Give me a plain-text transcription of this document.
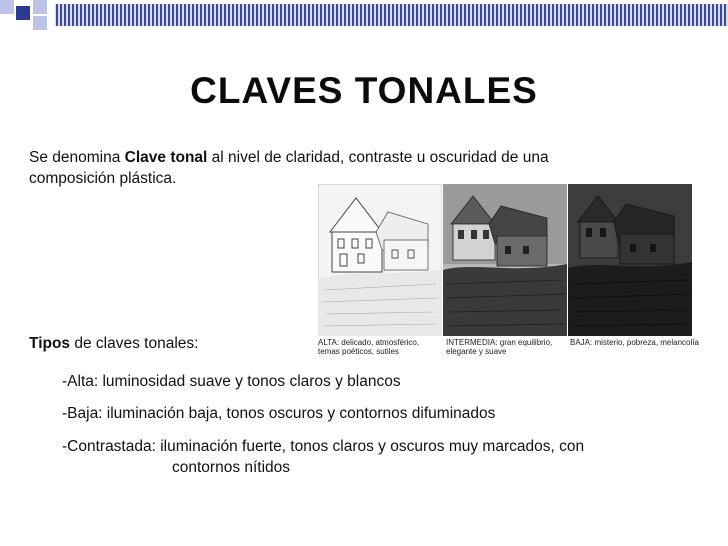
CLAVES TONALES
Se denomina Clave tonal al nivel de claridad, contraste u oscuridad de una
composición plástica.
ALTA: delicado, atmosférico,
temas poéticos, sutiles
INTERMEDIA: gran equilibrio,
elegante y suave
BAJA: misterio, pobreza, melancolía

Tipos de claves tonales:
-Alta: luminosidad suave y tonos claros y blancos
-Baja: iluminación baja, tonos oscuros y contornos difuminados
-Contrastada: iluminación fuerte, tonos claros y oscuros muy marcados, con
contornos nítidos
